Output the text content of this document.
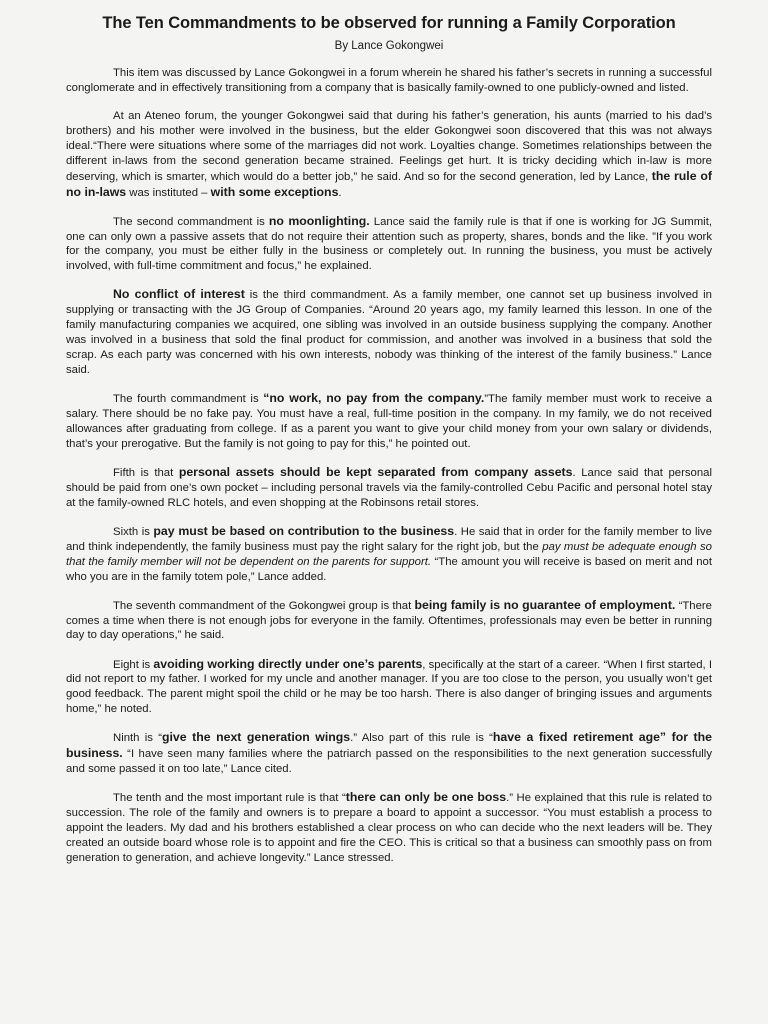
The Ten Commandments to be observed for running a Family Corporation
By Lance Gokongwei

This item was discussed by Lance Gokongwei in a forum wherein he shared his father’s secrets in running a successful conglomerate and in effectively transitioning from a company that is basically family-owned to one publicly-owned and listed.

At an Ateneo forum, the younger Gokongwei said that during his father’s generation, his aunts (married to his dad’s brothers) and his mother were involved in the business, but the elder Gokongwei soon discovered that this was not always ideal.“There were situations where some of the marriages did not work. Loyalties change. Sometimes relationships between the different in-laws from the second generation became strained. Feelings get hurt. It is tricky deciding which in-law is more deserving, which is smarter, which would do a better job,” he said. And so for the second generation, led by Lance, the rule of no in-laws was instituted – with some exceptions.

The second commandment is no moonlighting. Lance said the family rule is that if one is working for JG Summit, one can only own a passive assets that do not require their attention such as property, shares, bonds and the like. ”If you work for the company, you must be either fully in the business or completely out. In running the business, you must be actively involved, with full-time commitment and focus,” he explained.

No conflict of interest is the third commandment. As a family member, one cannot set up business involved in supplying or transacting with the JG Group of Companies. “Around 20 years ago, my family learned this lesson. In one of the family manufacturing companies we acquired, one sibling was involved in an outside business supplying the company. Another was involved in a business that sold the final product for commission, and another was involved in a business that sold the scrap. As each party was concerned with his own interests, nobody was thinking of the interest of the family business.” Lance said.

The fourth commandment is “no work, no pay from the company.”The family member must work to receive a salary. There should be no fake pay. You must have a real, full-time position in the company. In my family, we do not received allowances after graduating from college. If as a parent you want to give your child money from your own salary or dividends, that’s your prerogative. But the family is not going to pay for this,” he pointed out.

Fifth is that personal assets should be kept separated from company assets. Lance said that personal should be paid from one’s own pocket – including personal travels via the family-controlled Cebu Pacific and personal hotel stay at the family-owned RLC hotels, and even shopping at the Robinsons retail stores.

Sixth is pay must be based on contribution to the business. He said that in order for the family member to live and think independently, the family business must pay the right salary for the right job, but the pay must be adequate enough so that the family member will not be dependent on the parents for support. “The amount you will receive is based on merit and not who you are in the family totem pole,” Lance added.

The seventh commandment of the Gokongwei group is that being family is no guarantee of employment. “There comes a time when there is not enough jobs for everyone in the family. Oftentimes, professionals may even be better in running day to day operations,” he said.

Eight is avoiding working directly under one’s parents, specifically at the start of a career. “When I first started, I did not report to my father. I worked for my uncle and another manager. If you are too close to the person, you usually won’t get good feedback. The parent might spoil the child or he may be too harsh. There is also danger of bringing issues and arguments home,” he noted.

Ninth is “give the next generation wings.” Also part of this rule is “have a fixed retirement age” for the business. “I have seen many families where the patriarch passed on the responsibilities to the next generation successfully and some passed it on too late,” Lance cited.

The tenth and the most important rule is that “there can only be one boss.” He explained that this rule is related to succession. The role of the family and owners is to prepare a board to appoint a successor. “You must establish a process to appoint the leaders. My dad and his brothers established a clear process on who can decide who the next leaders will be. They created an outside board whose role is to appoint and fire the CEO. This is critical so that a business can smoothly pass on from generation to generation, and achieve longevity.” Lance stressed.
